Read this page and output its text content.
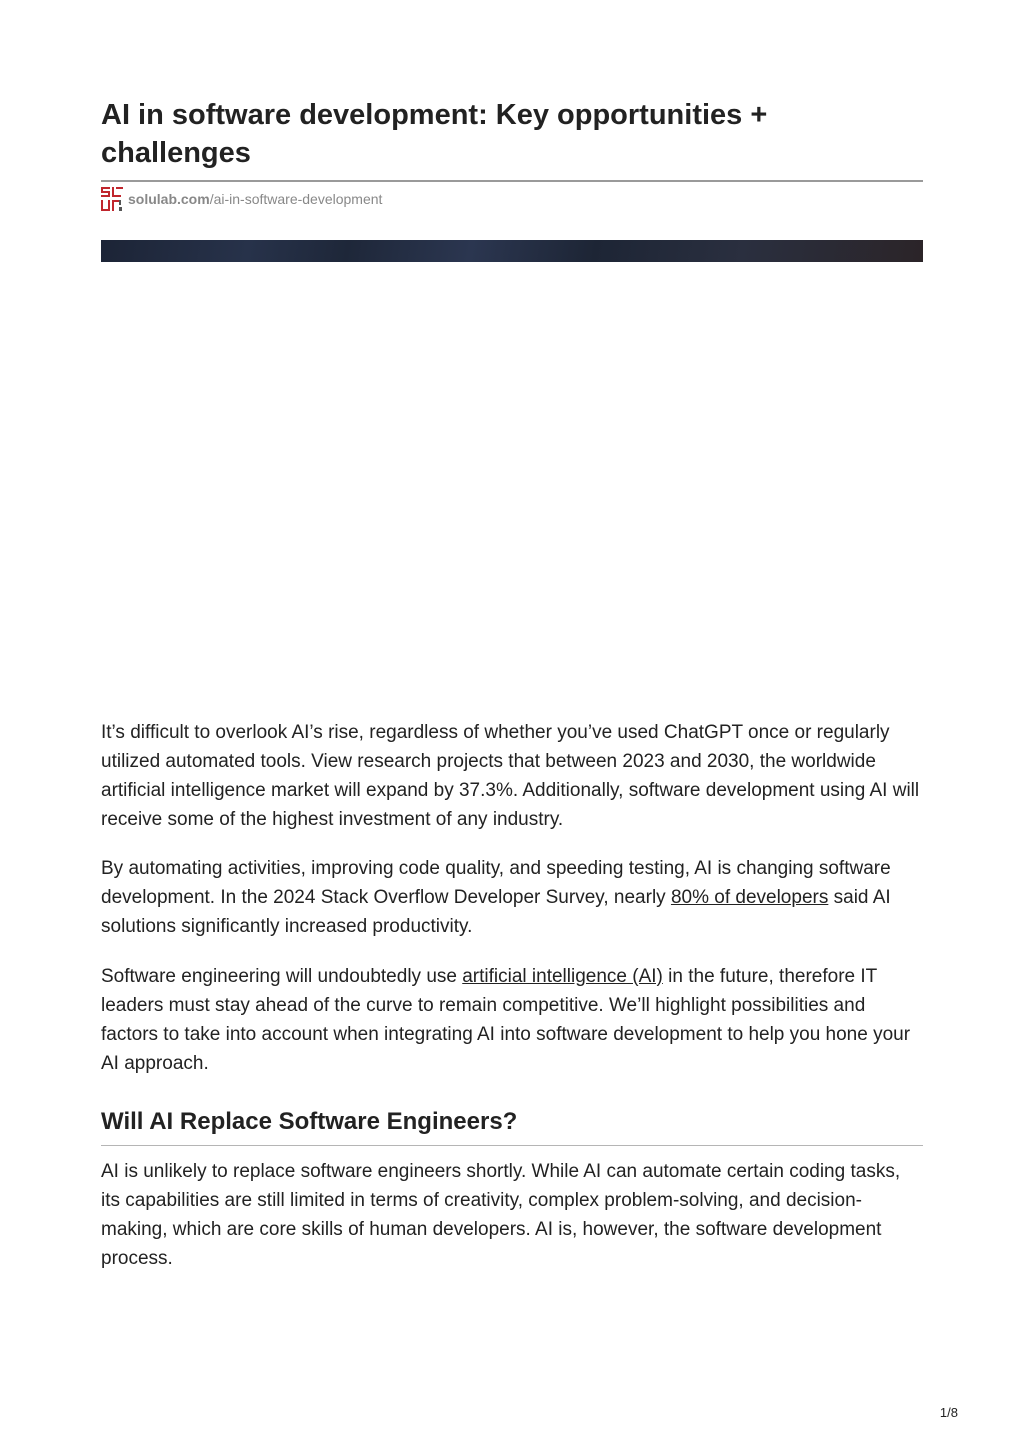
AI in software development: Key opportunities + challenges
solulab.com /ai-in-software-development

It’s difficult to overlook AI’s rise, regardless of whether you’ve used ChatGPT once or regularly utilized automated tools. View research projects that between 2023 and 2030, the worldwide artificial intelligence market will expand by 37.3%. Additionally, software development using AI will receive some of the highest investment of any industry.

By automating activities, improving code quality, and speeding testing, AI is changing software development. In the 2024 Stack Overflow Developer Survey, nearly 80% of developers said AI solutions significantly increased productivity.

Software engineering will undoubtedly use artificial intelligence (AI) in the future, therefore IT leaders must stay ahead of the curve to remain competitive. We’ll highlight possibilities and factors to take into account when integrating AI into software development to help you hone your AI approach.

Will AI Replace Software Engineers?

AI is unlikely to replace software engineers shortly. While AI can automate certain coding tasks, its capabilities are still limited in terms of creativity, complex problem-solving, and decision-making, which are core skills of human developers. AI is, however, the software development process.

1/8
